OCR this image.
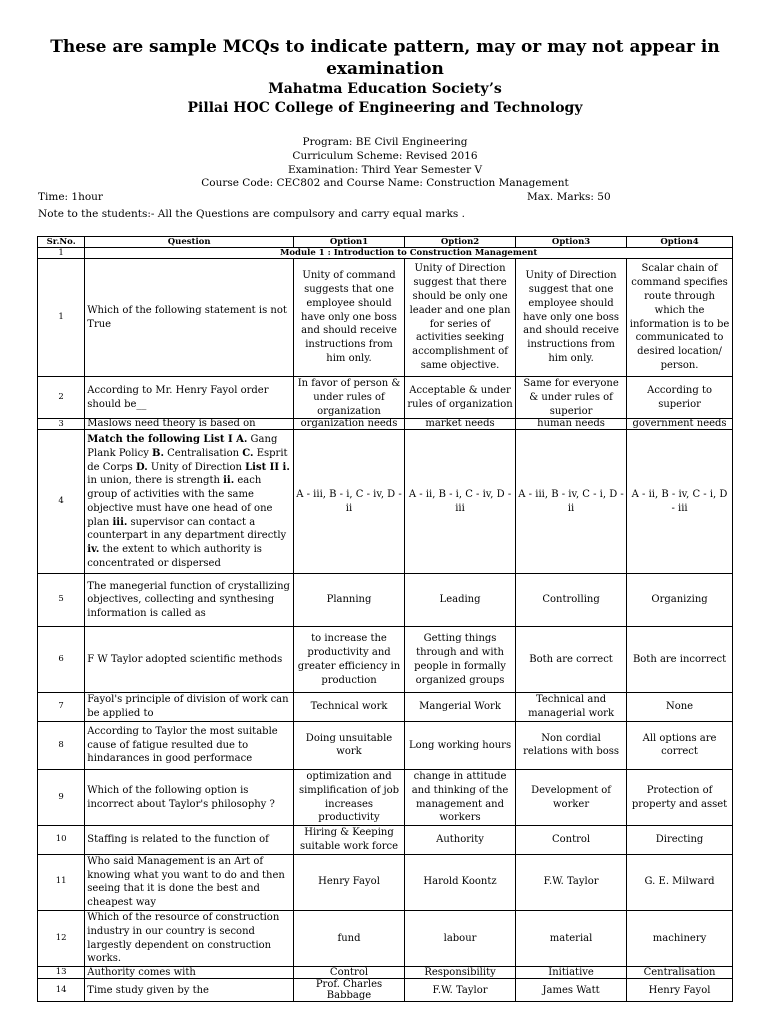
These are sample MCQs to indicate pattern, may or may not appear in examination
Mahatma Education Society’s
Pillai HOC College of Engineering and Technology
Program: BE Civil Engineering
Curriculum Scheme: Revised 2016
Examination: Third Year Semester V
Course Code: CEC802 and Course Name: Construction Management
Time: 1hour	Max. Marks: 50
Note to the students:- All the Questions are compulsory and carry equal marks .
Sr.No.	Question	Option1	Option2	Option3	Option4
1	Module 1 : Introduction to Construction Management				
1	Which of the following statement is not True	Unity of command suggests that one employee should have only one boss and should receive instructions from him only.	Unity of Direction suggest that there should be only one leader and one plan for series of activities seeking accomplishment of same objective.	Unity of Direction suggest that one employee should have only one boss and should receive instructions from him only.	Scalar chain of command specifies route through which the information is to be communicated to desired location/ person.
2	According to Mr. Henry Fayol order should be__	In favor of person & under rules of organization	Acceptable & under rules of organization	Same for everyone & under rules of superior	According to superior
3	Maslows need theory is based on	organization needs	market needs	human needs	government needs
4	Match the following List I A. Gang Plank Policy B. Centralisation C. Esprit de Corps D. Unity of Direction List II i. in union, there is strength ii. each group of activities with the same objective must have one head of one plan iii. supervisor can contact a counterpart in any department directly iv. the extent to which authority is concentrated or dispersed	A - iii, B - i, C - iv, D - ii	A - ii, B - i, C - iv, D - iii	A - iii, B - iv, C - i, D - ii	A - ii, B - iv, C - i, D - iii
5	The manegerial function of crystallizing objectives, collecting and synthesing information is called as	Planning	Leading	Controlling	Organizing
6	F W Taylor adopted scientific methods	to increase the productivity and greater efficiency in production	Getting things through and with people in formally organized groups	Both are correct	Both are incorrect
7	Fayol's principle of division of work can be applied to	Technical work	Mangerial Work	Technical and managerial work	None
8	According to Taylor the most suitable cause of fatigue resulted due to hindarances in good performace	Doing unsuitable work	Long working hours	Non cordial relations with boss	All options are correct
9	Which of the following option is incorrect about Taylor's philosophy ?	optimization and simplification of job increases productivity	change in attitude and thinking of the management and workers	Development of worker	Protection of property and asset
10	Staffing is related to the function of	Hiring & Keeping suitable work force	Authority	Control	Directing
11	Who said Management is an Art of knowing what you want to do and then seeing that it is done the best and cheapest way	Henry Fayol	Harold Koontz	F.W. Taylor	G. E. Milward
12	Which of the resource of construction industry in our country is second largestly dependent on construction works.	fund	labour	material	machinery
13	Authority comes with	Control	Responsibility	Initiative	Centralisation
14	Time study given by the	Prof. Charles Babbage	F.W. Taylor	James Watt	Henry Fayol
